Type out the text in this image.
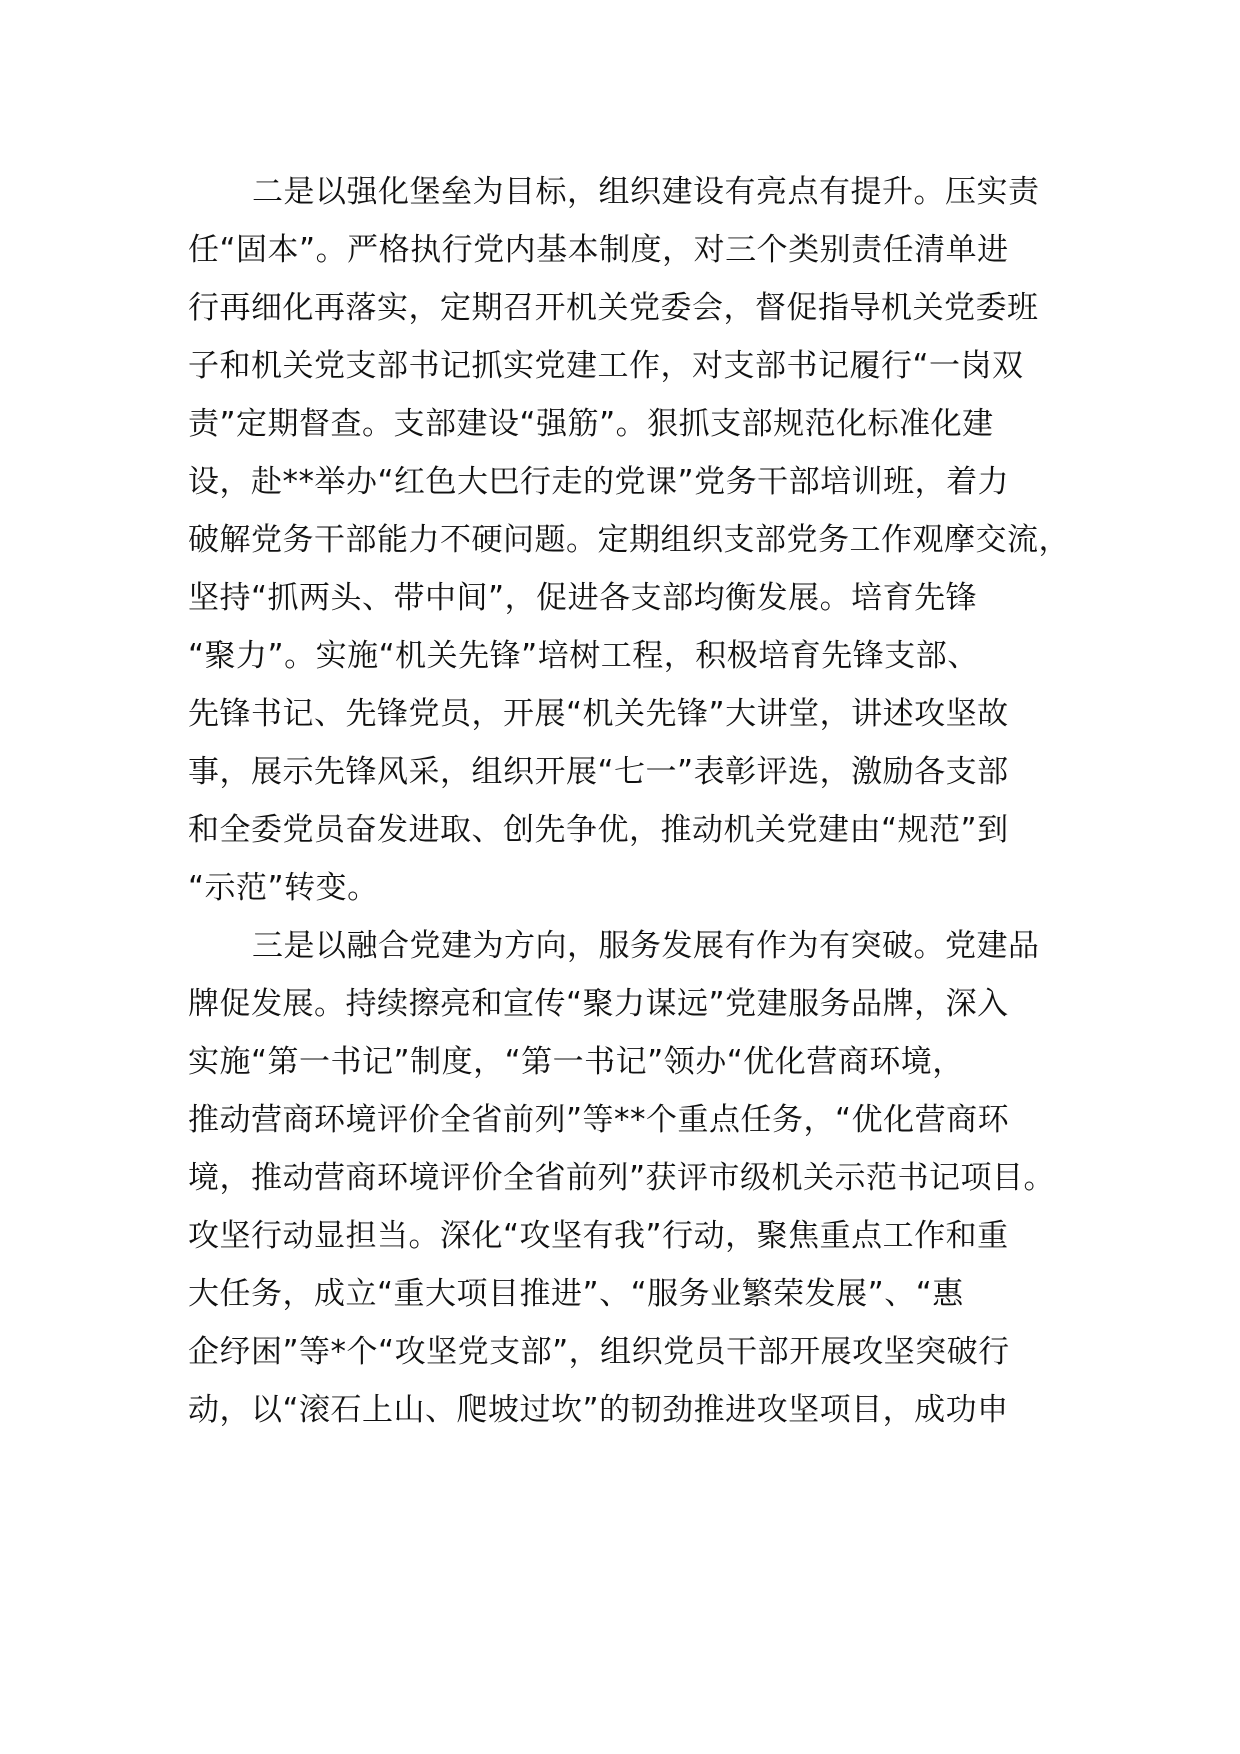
二是以强化堡垒为目标，组织建设有亮点有提升。压实责
任“固本”。严格执行党内基本制度，对三个类别责任清单进
行再细化再落实，定期召开机关党委会，督促指导机关党委班
子和机关党支部书记抓实党建工作，对支部书记履行“一岗双
责”定期督查。支部建设“强筋”。狠抓支部规范化标准化建
设，赴**举办“红色大巴行走的党课”党务干部培训班，着力
破解党务干部能力不硬问题。定期组织支部党务工作观摩交流，
坚持“抓两头、带中间”，促进各支部均衡发展。培育先锋
“聚力”。实施“机关先锋”培树工程，积极培育先锋支部、
先锋书记、先锋党员，开展“机关先锋”大讲堂，讲述攻坚故
事，展示先锋风采，组织开展“七一”表彰评选，激励各支部
和全委党员奋发进取、创先争优，推动机关党建由“规范”到
“示范”转变。
三是以融合党建为方向，服务发展有作为有突破。党建品
牌促发展。持续擦亮和宣传“聚力谋远”党建服务品牌，深入
实施“第一书记”制度，“第一书记”领办“优化营商环境，
推动营商环境评价全省前列”等**个重点任务，“优化营商环
境，推动营商环境评价全省前列”获评市级机关示范书记项目。
攻坚行动显担当。深化“攻坚有我”行动，聚焦重点工作和重
大任务，成立“重大项目推进”、“服务业繁荣发展”、“惠
企纾困”等*个“攻坚党支部”，组织党员干部开展攻坚突破行
动，以“滚石上山、爬坡过坎”的韧劲推进攻坚项目，成功申
